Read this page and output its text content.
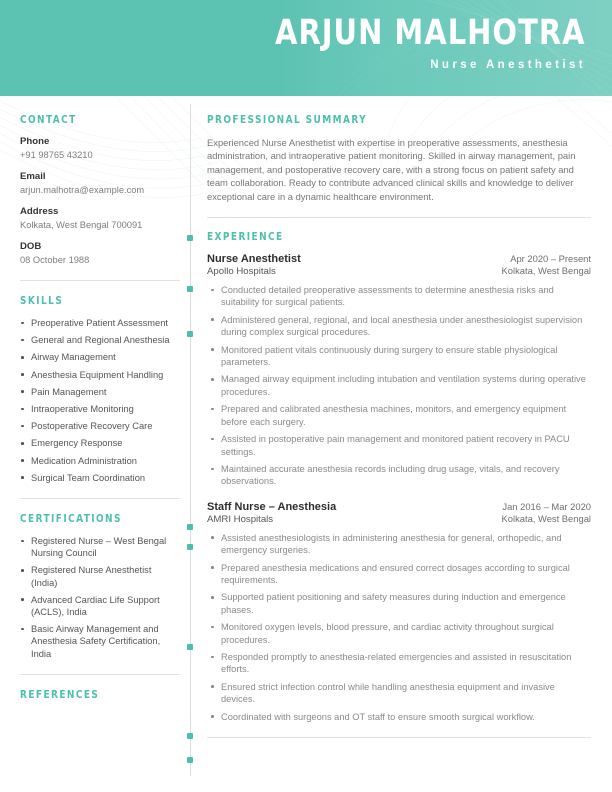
ARJUN MALHOTRA
Nurse Anesthetist
CONTACT
Phone
+91 98765 43210
Email
arjun.malhotra@example.com
Address
Kolkata, West Bengal 700091
DOB
08 October 1988
SKILLS
Preoperative Patient Assessment
General and Regional Anesthesia
Airway Management
Anesthesia Equipment Handling
Pain Management
Intraoperative Monitoring
Postoperative Recovery Care
Emergency Response
Medication Administration
Surgical Team Coordination
CERTIFICATIONS
Registered Nurse – West Bengal Nursing Council
Registered Nurse Anesthetist (India)
Advanced Cardiac Life Support (ACLS), India
Basic Airway Management and Anesthesia Safety Certification, India
REFERENCES
PROFESSIONAL SUMMARY
Experienced Nurse Anesthetist with expertise in preoperative assessments, anesthesia administration, and intraoperative patient monitoring. Skilled in airway management, pain management, and postoperative recovery care, with a strong focus on patient safety and team collaboration. Ready to contribute advanced clinical skills and knowledge to deliver exceptional care in a dynamic healthcare environment.
EXPERIENCE
Nurse Anesthetist	Apr 2020 – Present
Apollo Hospitals	Kolkata, West Bengal
Conducted detailed preoperative assessments to determine anesthesia risks and suitability for surgical patients.
Administered general, regional, and local anesthesia under anesthesiologist supervision during complex surgical procedures.
Monitored patient vitals continuously during surgery to ensure stable physiological parameters.
Managed airway equipment including intubation and ventilation systems during operative procedures.
Prepared and calibrated anesthesia machines, monitors, and emergency equipment before each surgery.
Assisted in postoperative pain management and monitored patient recovery in PACU settings.
Maintained accurate anesthesia records including drug usage, vitals, and recovery observations.
Staff Nurse – Anesthesia	Jan 2016 – Mar 2020
AMRI Hospitals	Kolkata, West Bengal
Assisted anesthesiologists in administering anesthesia for general, orthopedic, and emergency surgeries.
Prepared anesthesia medications and ensured correct dosages according to surgical requirements.
Supported patient positioning and safety measures during induction and emergence phases.
Monitored oxygen levels, blood pressure, and cardiac activity throughout surgical procedures.
Responded promptly to anesthesia-related emergencies and assisted in resuscitation efforts.
Ensured strict infection control while handling anesthesia equipment and invasive devices.
Coordinated with surgeons and OT staff to ensure smooth surgical workflow.
